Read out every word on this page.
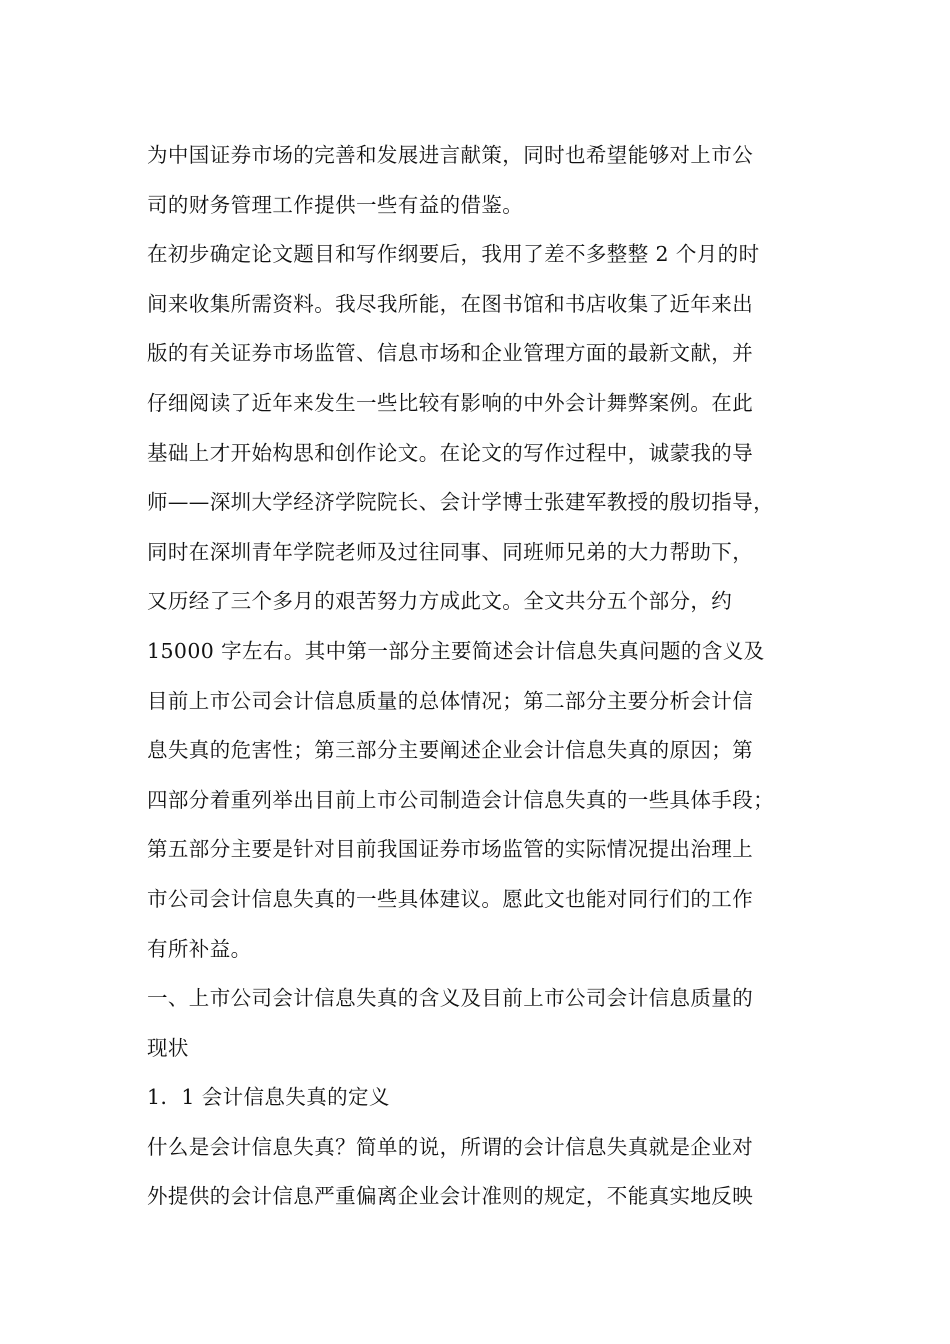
为中国证券市场的完善和发展进言献策，同时也希望能够对上市公
司的财务管理工作提供一些有益的借鉴。
在初步确定论文题目和写作纲要后，我用了差不多整整 2 个月的时
间来收集所需资料。我尽我所能，在图书馆和书店收集了近年来出
版的有关证券市场监管、信息市场和企业管理方面的最新文献，并
仔细阅读了近年来发生一些比较有影响的中外会计舞弊案例。在此
基础上才开始构思和创作论文。在论文的写作过程中，诚蒙我的导
师——深圳大学经济学院院长、会计学博士张建军教授的殷切指导，
同时在深圳青年学院老师及过往同事、同班师兄弟的大力帮助下，
又历经了三个多月的艰苦努力方成此文。全文共分五个部分，约
15000 字左右。其中第一部分主要简述会计信息失真问题的含义及
目前上市公司会计信息质量的总体情况；第二部分主要分析会计信
息失真的危害性；第三部分主要阐述企业会计信息失真的原因；第
四部分着重列举出目前上市公司制造会计信息失真的一些具体手段；
第五部分主要是针对目前我国证券市场监管的实际情况提出治理上
市公司会计信息失真的一些具体建议。愿此文也能对同行们的工作
有所补益。
一、上市公司会计信息失真的含义及目前上市公司会计信息质量的
现状
1．1 会计信息失真的定义
什么是会计信息失真？简单的说，所谓的会计信息失真就是企业对
外提供的会计信息严重偏离企业会计准则的规定，不能真实地反映
